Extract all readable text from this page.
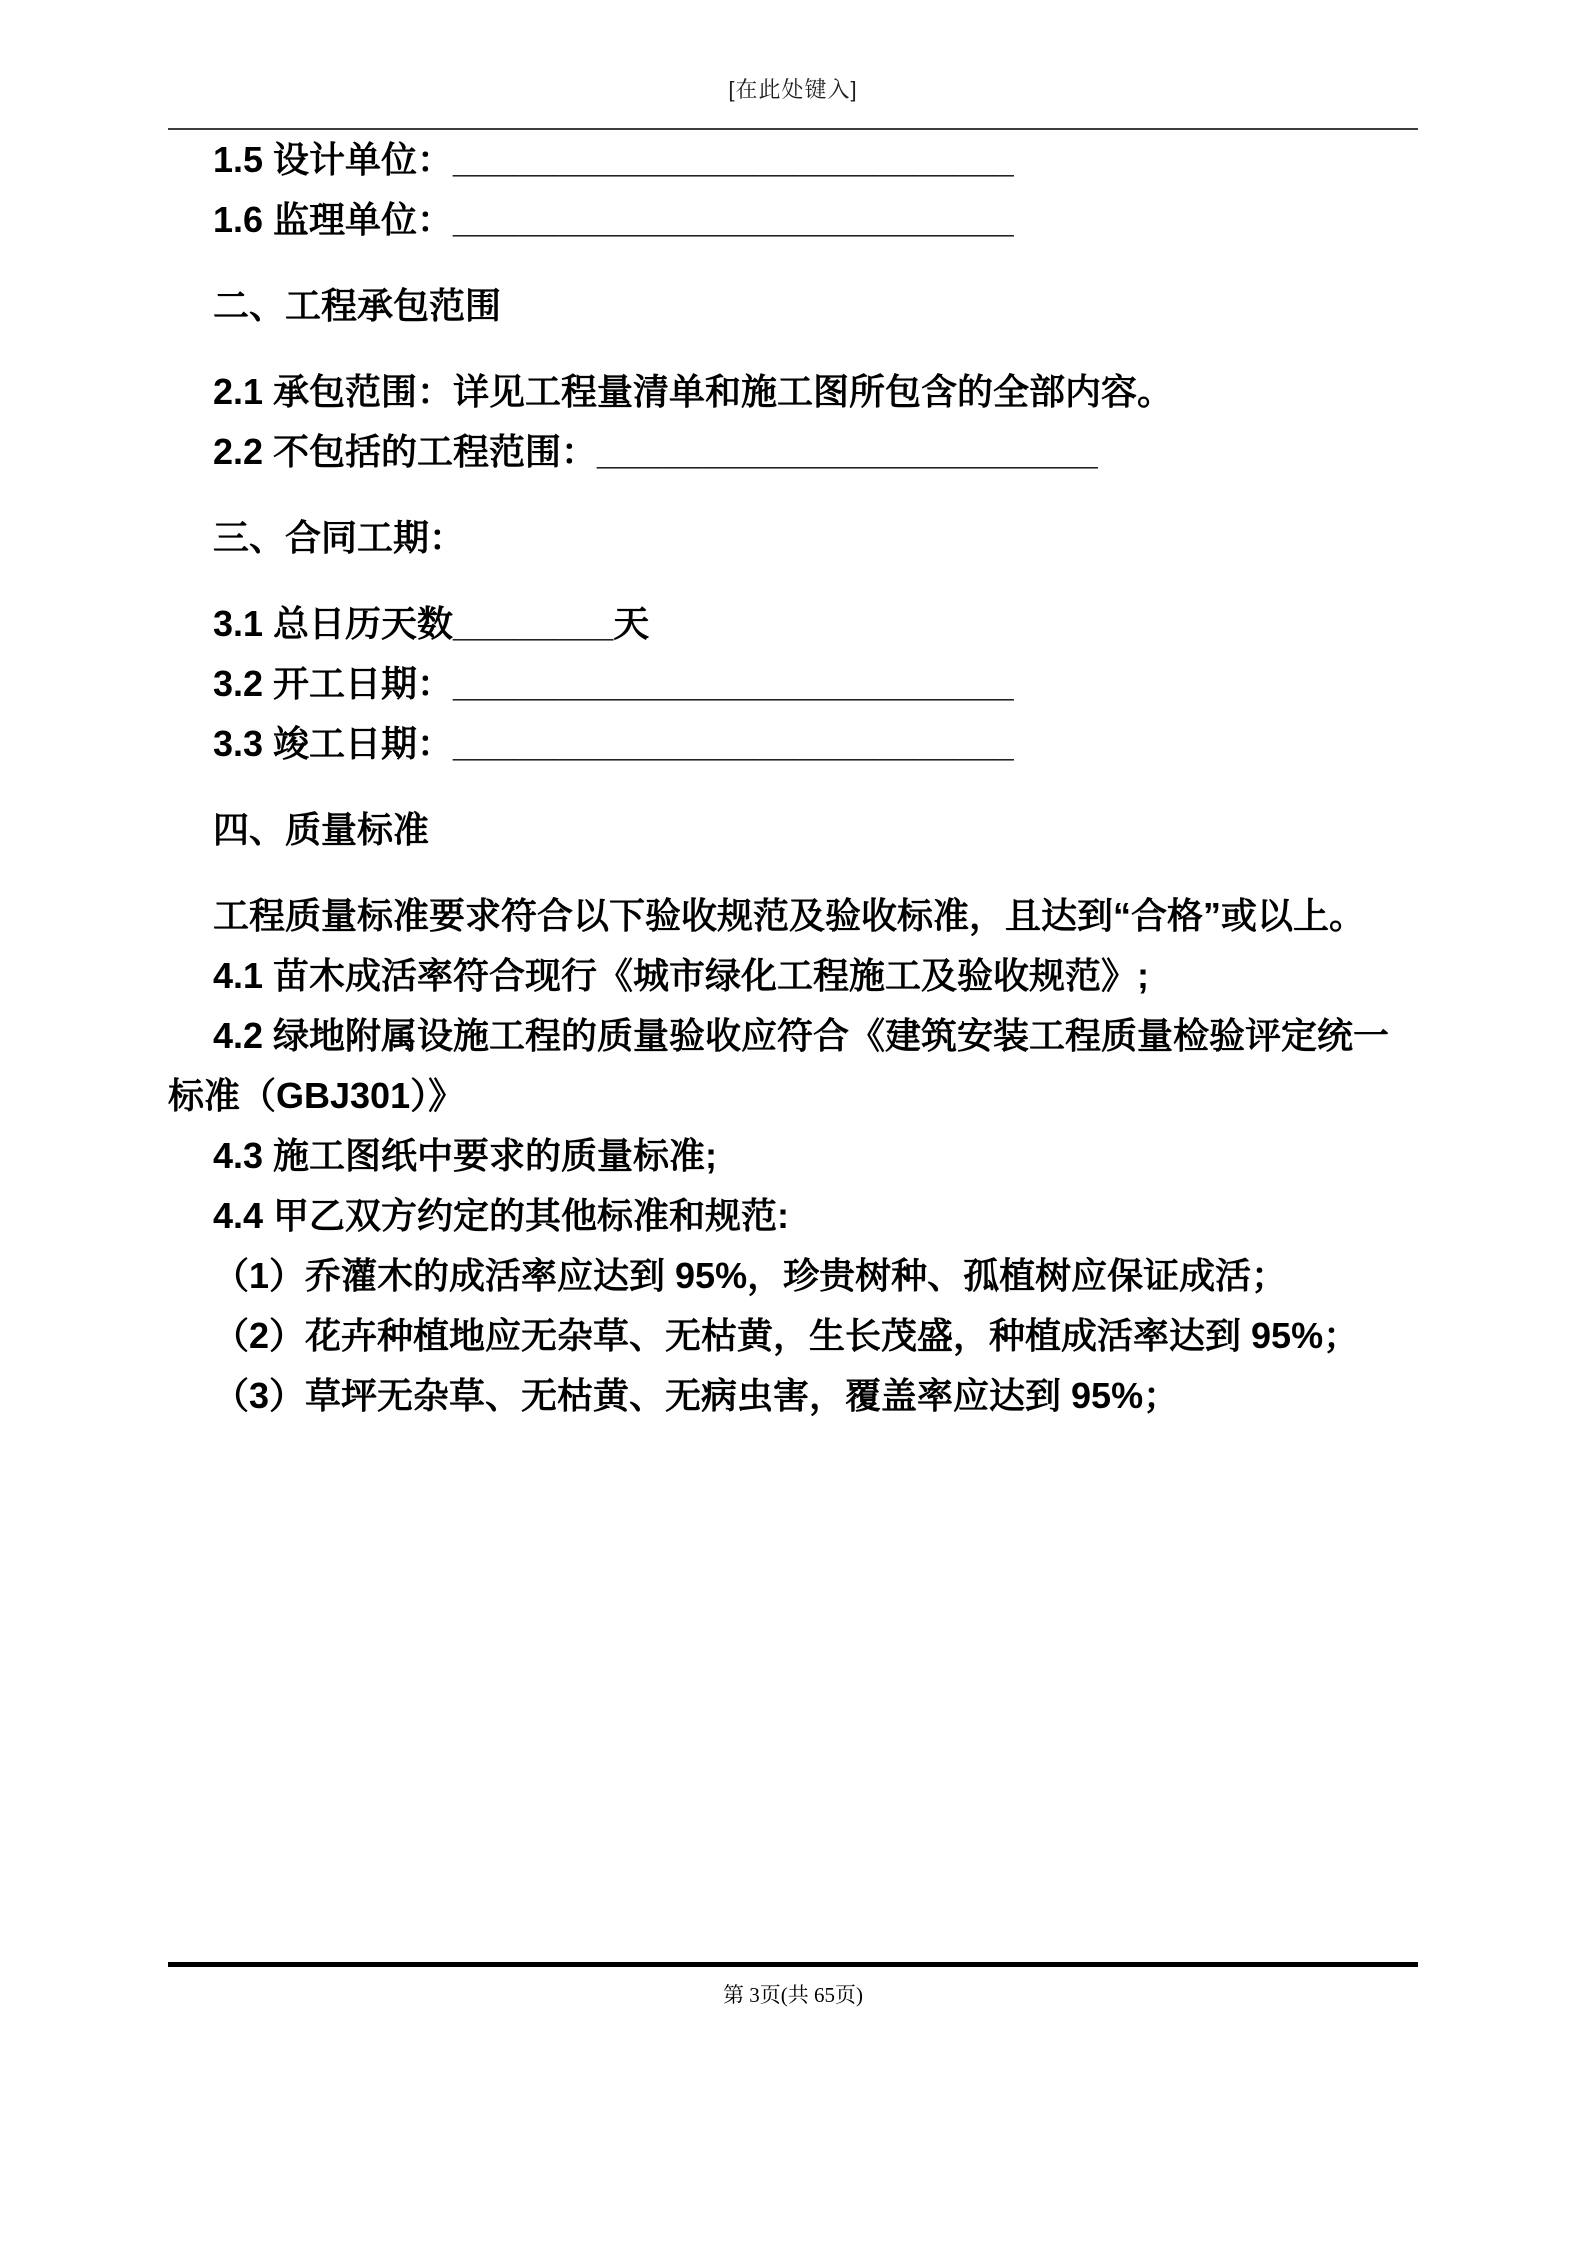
[在此处键入]

1.5 设计单位：____________________________

1.6 监理单位：____________________________

二、工程承包范围

2.1 承包范围：详见工程量清单和施工图所包含的全部内容。

2.2 不包括的工程范围：_________________________

三、合同工期：

3.1 总日历天数________天

3.2 开工日期：____________________________

3.3 竣工日期：____________________________

四、质量标准

工程质量标准要求符合以下验收规范及验收标准，且达到“合格”或以上。

4.1 苗木成活率符合现行《城市绿化工程施工及验收规范》;

4.2 绿地附属设施工程的质量验收应符合《建筑安装工程质量检验评定统一标准（GBJ301）》

4.3 施工图纸中要求的质量标准;

4.4 甲乙双方约定的其他标准和规范:

（1）乔灌木的成活率应达到 95%，珍贵树种、孤植树应保证成活；

（2）花卉种植地应无杂草、无枯黄，生长茂盛，种植成活率达到 95%；

（3）草坪无杂草、无枯黄、无病虫害，覆盖率应达到 95%；

第 3页(共 65页)
